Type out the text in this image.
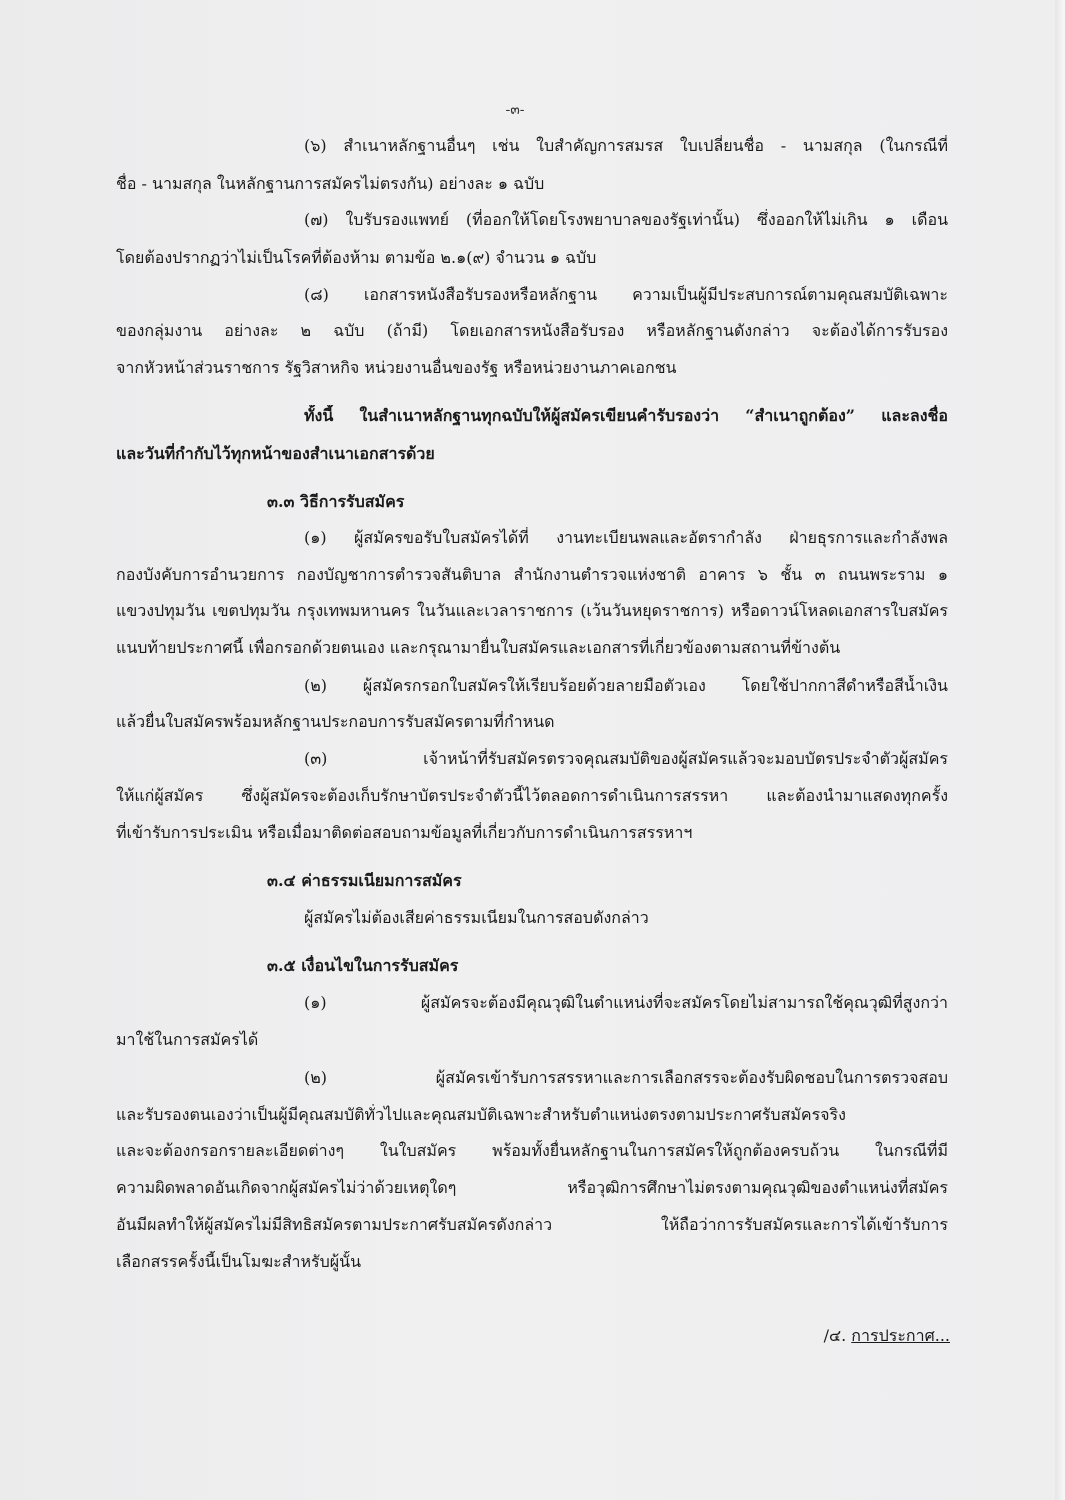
-๓-
(๖) สำเนาหลักฐานอื่นๆ เช่น ใบสำคัญการสมรส ใบเปลี่ยนชื่อ - นามสกุล (ในกรณีที่
ชื่อ - นามสกุล ในหลักฐานการสมัครไม่ตรงกัน) อย่างละ ๑ ฉบับ
(๗) ใบรับรองแพทย์ (ที่ออกให้โดยโรงพยาบาลของรัฐเท่านั้น) ซึ่งออกให้ไม่เกิน ๑ เดือน
โดยต้องปรากฏว่าไม่เป็นโรคที่ต้องห้าม ตามข้อ ๒.๑(๙) จำนวน ๑ ฉบับ
(๘) เอกสารหนังสือรับรองหรือหลักฐาน ความเป็นผู้มีประสบการณ์ตามคุณสมบัติเฉพาะ
ของกลุ่มงาน อย่างละ ๒ ฉบับ (ถ้ามี) โดยเอกสารหนังสือรับรอง หรือหลักฐานดังกล่าว จะต้องได้การรับรอง
จากหัวหน้าส่วนราชการ รัฐวิสาหกิจ หน่วยงานอื่นของรัฐ หรือหน่วยงานภาคเอกชน
ทั้งนี้ ในสำเนาหลักฐานทุกฉบับให้ผู้สมัครเขียนคำรับรองว่า “สำเนาถูกต้อง” และลงชื่อ
และวันที่กำกับไว้ทุกหน้าของสำเนาเอกสารด้วย
๓.๓ วิธีการรับสมัคร
(๑) ผู้สมัครขอรับใบสมัครได้ที่ งานทะเบียนพลและอัตรากำลัง ฝ่ายธุรการและกำลังพล
กองบังคับการอำนวยการ กองบัญชาการตำรวจสันติบาล สำนักงานตำรวจแห่งชาติ อาคาร ๖ ชั้น ๓ ถนนพระราม ๑
แขวงปทุมวัน เขตปทุมวัน กรุงเทพมหานคร ในวันและเวลาราชการ (เว้นวันหยุดราชการ) หรือดาวน์โหลดเอกสารใบสมัคร
แนบท้ายประกาศนี้ เพื่อกรอกด้วยตนเอง และกรุณามายื่นใบสมัครและเอกสารที่เกี่ยวข้องตามสถานที่ข้างต้น
(๒) ผู้สมัครกรอกใบสมัครให้เรียบร้อยด้วยลายมือตัวเอง โดยใช้ปากกาสีดำหรือสีน้ำเงิน
แล้วยื่นใบสมัครพร้อมหลักฐานประกอบการรับสมัครตามที่กำหนด
(๓) เจ้าหน้าที่รับสมัครตรวจคุณสมบัติของผู้สมัครแล้วจะมอบบัตรประจำตัวผู้สมัคร
ให้แก่ผู้สมัคร ซึ่งผู้สมัครจะต้องเก็บรักษาบัตรประจำตัวนี้ไว้ตลอดการดำเนินการสรรหา และต้องนำมาแสดงทุกครั้ง
ที่เข้ารับการประเมิน หรือเมื่อมาติดต่อสอบถามข้อมูลที่เกี่ยวกับการดำเนินการสรรหาฯ
๓.๔ ค่าธรรมเนียมการสมัคร
ผู้สมัครไม่ต้องเสียค่าธรรมเนียมในการสอบดังกล่าว
๓.๕ เงื่อนไขในการรับสมัคร
(๑) ผู้สมัครจะต้องมีคุณวุฒิในตำแหน่งที่จะสมัครโดยไม่สามารถใช้คุณวุฒิที่สูงกว่า
มาใช้ในการสมัครได้
(๒) ผู้สมัครเข้ารับการสรรหาและการเลือกสรรจะต้องรับผิดชอบในการตรวจสอบ
และรับรองตนเองว่าเป็นผู้มีคุณสมบัติทั่วไปและคุณสมบัติเฉพาะสำหรับตำแหน่งตรงตามประกาศรับสมัครจริง
และจะต้องกรอกรายละเอียดต่างๆ ในใบสมัคร พร้อมทั้งยื่นหลักฐานในการสมัครให้ถูกต้องครบถ้วน ในกรณีที่มี
ความผิดพลาดอันเกิดจากผู้สมัครไม่ว่าด้วยเหตุใดๆ หรือวุฒิการศึกษาไม่ตรงตามคุณวุฒิของตำแหน่งที่สมัคร
อันมีผลทำให้ผู้สมัครไม่มีสิทธิสมัครตามประกาศรับสมัครดังกล่าว ให้ถือว่าการรับสมัครและการได้เข้ารับการ
เลือกสรรครั้งนี้เป็นโมฆะสำหรับผู้นั้น
/๔. การประกาศ...
